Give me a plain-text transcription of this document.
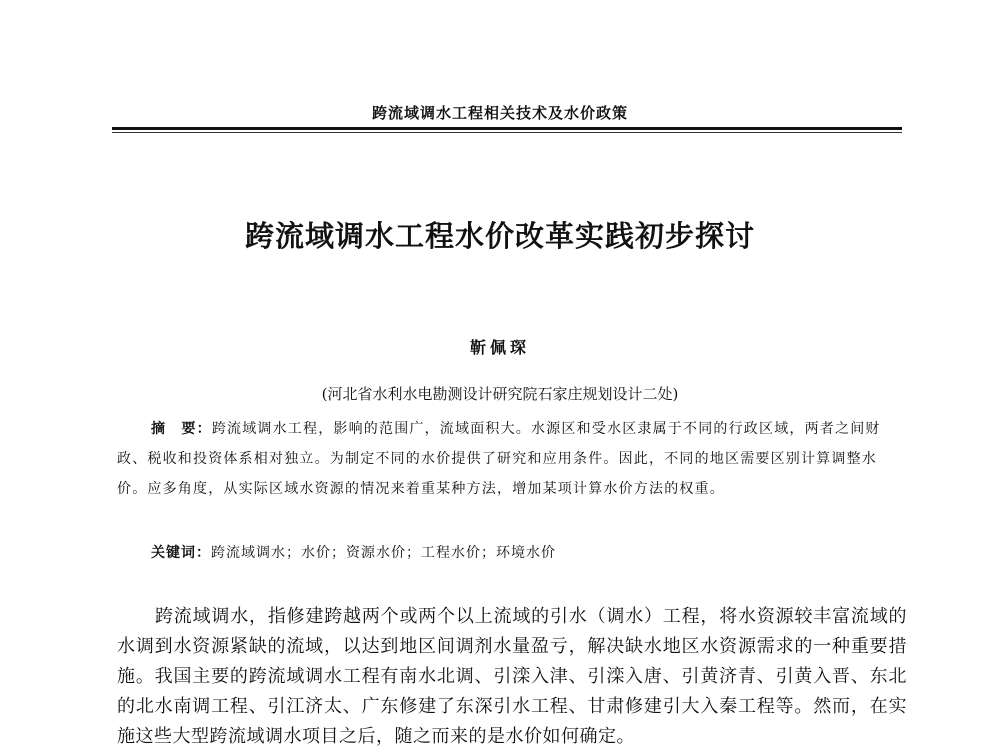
跨流域调水工程相关技术及水价政策
跨流域调水工程水价改革实践初步探讨
靳佩琛
(河北省水利水电勘测设计研究院石家庄规划设计二处)
摘　要：跨流域调水工程，影响的范围广，流域面积大。水源区和受水区隶属于不同的行政区域，两者之间财政、税收和投资体系相对独立。为制定不同的水价提供了研究和应用条件。因此，不同的地区需要区别计算调整水价。应多角度，从实际区域水资源的情况来着重某种方法，增加某项计算水价方法的权重。
关键词：跨流域调水；水价；资源水价；工程水价；环境水价

跨流域调水，指修建跨越两个或两个以上流域的引水（调水）工程，将水资源较丰富流域的水调到水资源紧缺的流域，以达到地区间调剂水量盈亏，解决缺水地区水资源需求的一种重要措施。我国主要的跨流域调水工程有南水北调、引滦入津、引滦入唐、引黄济青、引黄入晋、东北的北水南调工程、引江济太、广东修建了东深引水工程、甘肃修建引大入秦工程等。然而，在实施这些大型跨流域调水项目之后，随之而来的是水价如何确定。
